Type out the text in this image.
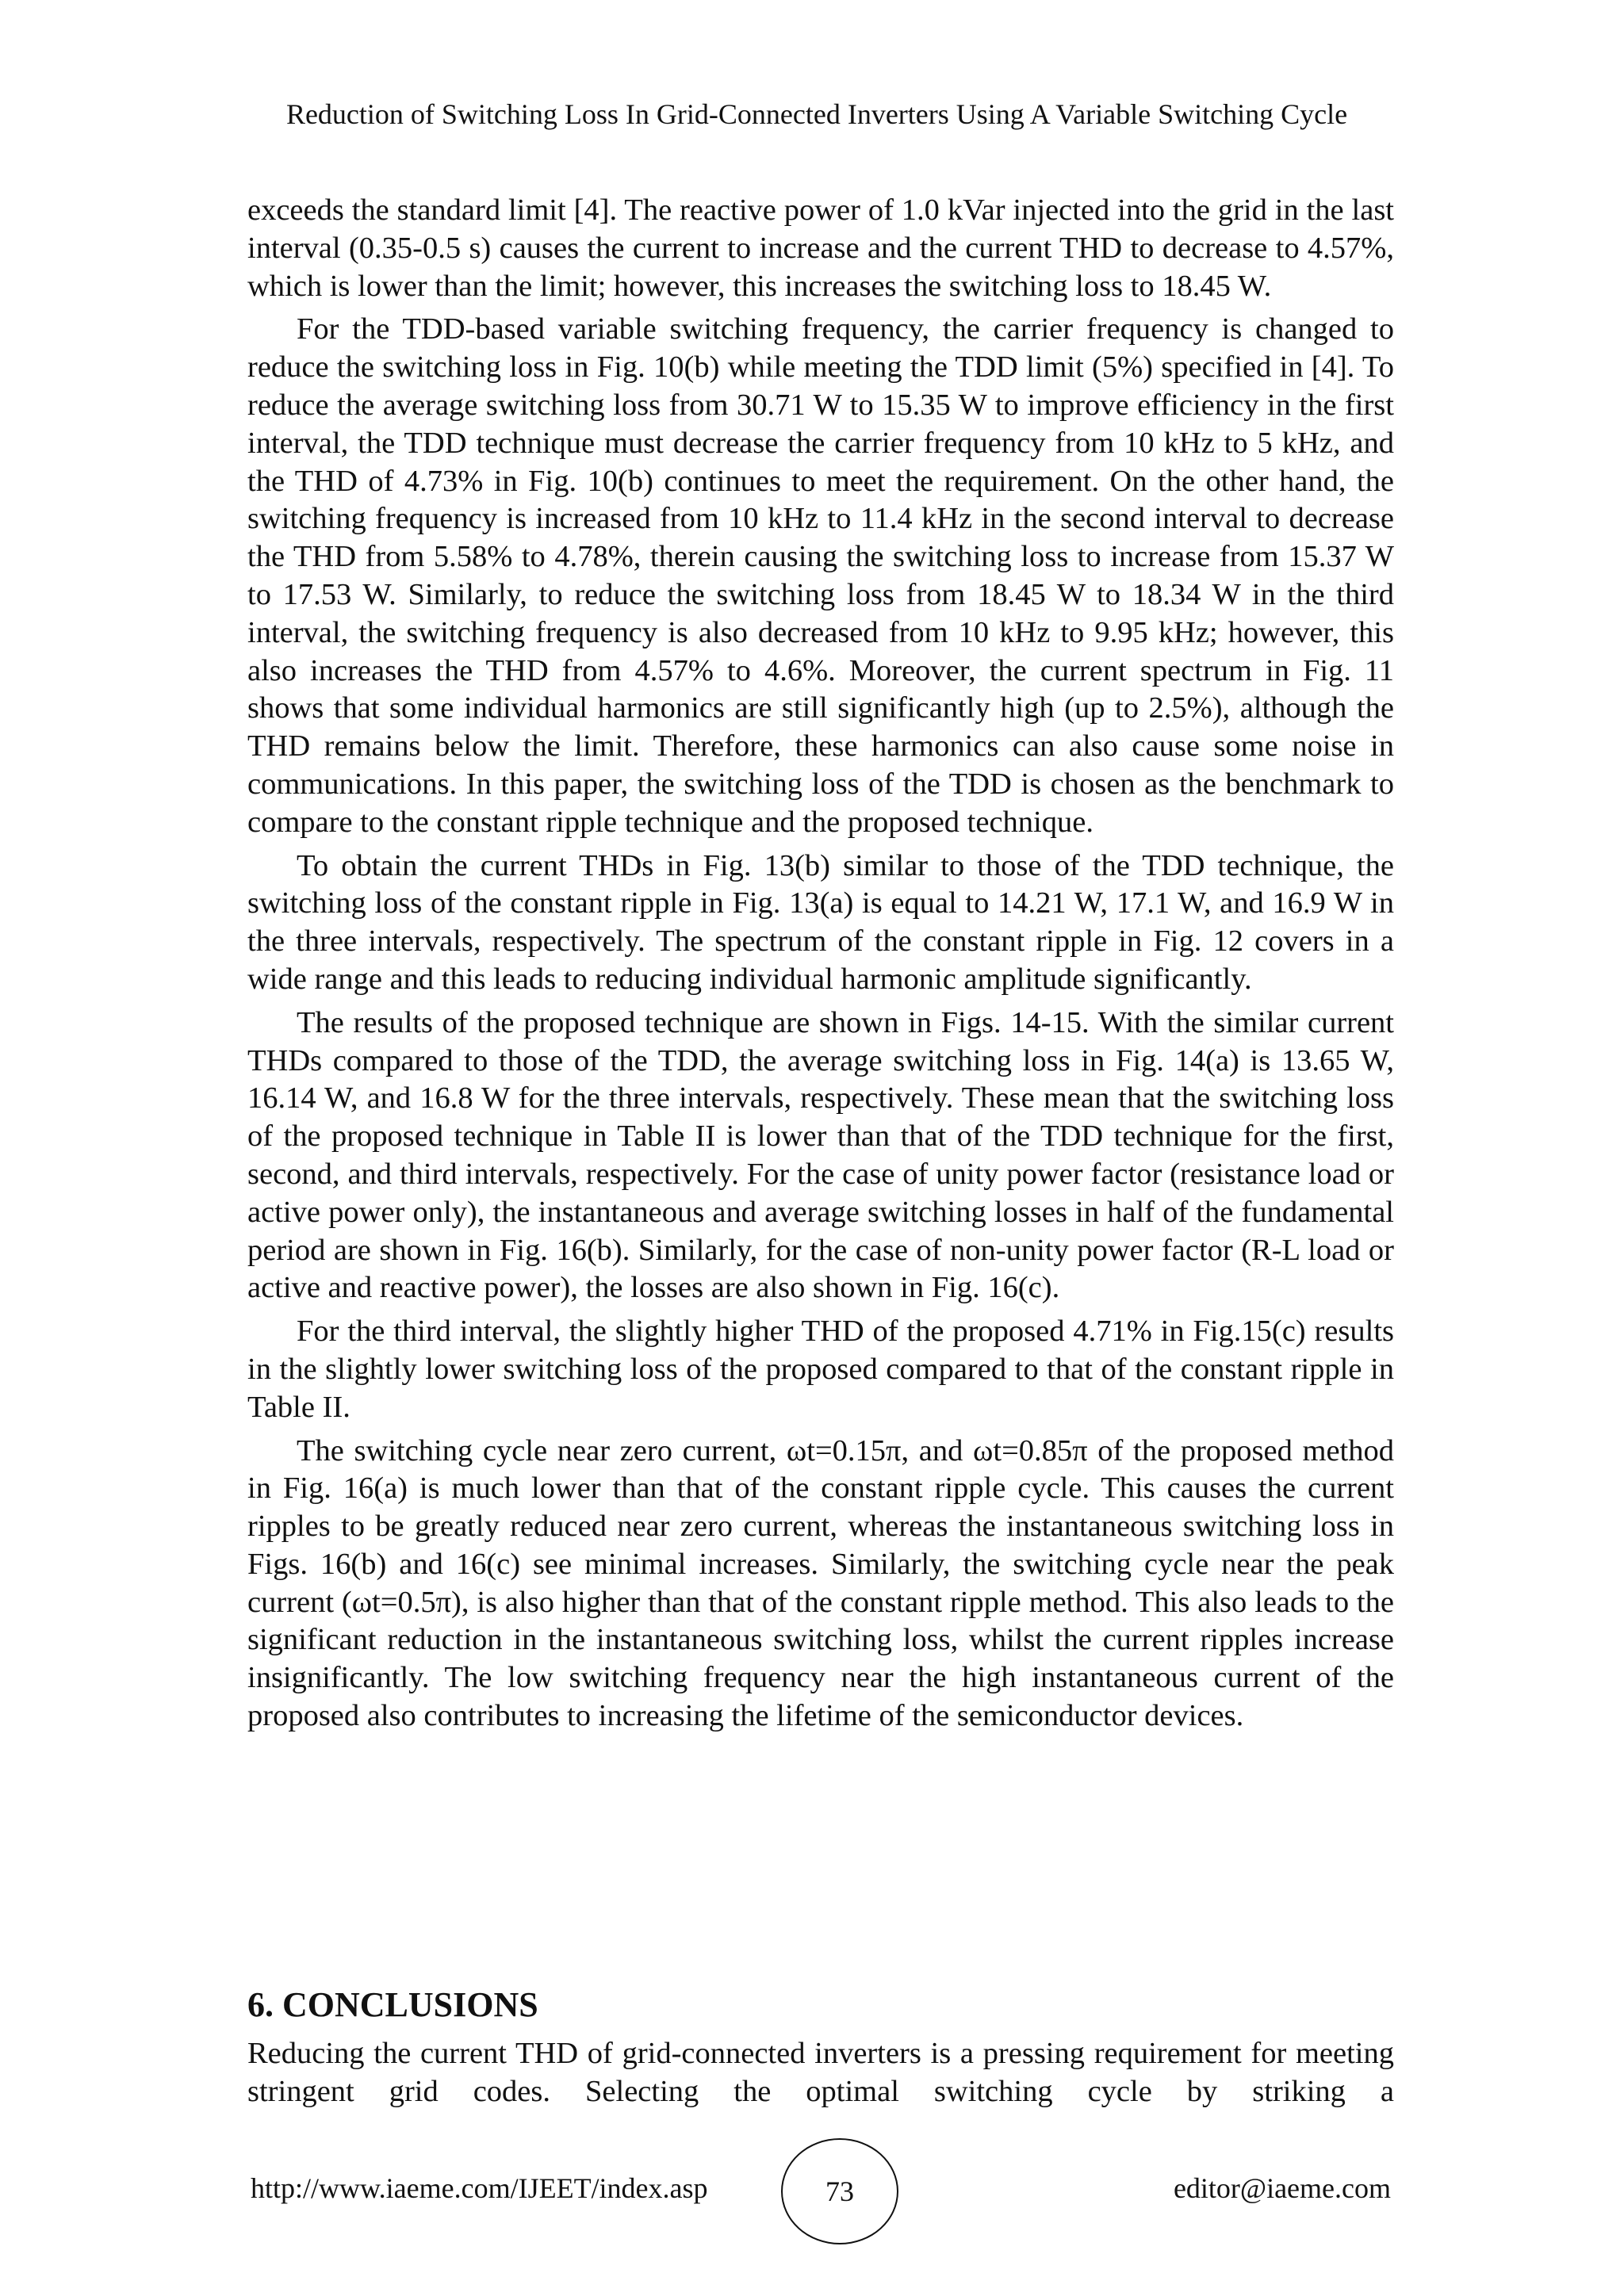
Reduction of Switching Loss In Grid-Connected Inverters Using A Variable Switching Cycle

exceeds the standard limit [4]. The reactive power of 1.0 kVar injected into the grid in the last interval (0.35-0.5 s) causes the current to increase and the current THD to decrease to 4.57%, which is lower than the limit; however, this increases the switching loss to 18.45 W.

For the TDD-based variable switching frequency, the carrier frequency is changed to reduce the switching loss in Fig. 10(b) while meeting the TDD limit (5%) specified in [4]. To reduce the average switching loss from 30.71 W to 15.35 W to improve efficiency in the first interval, the TDD technique must decrease the carrier frequency from 10 kHz to 5 kHz, and the THD of 4.73% in Fig. 10(b) continues to meet the requirement. On the other hand, the switching frequency is increased from 10 kHz to 11.4 kHz in the second interval to decrease the THD from 5.58% to 4.78%, therein causing the switching loss to increase from 15.37 W to 17.53 W. Similarly, to reduce the switching loss from 18.45 W to 18.34 W in the third interval, the switching frequency is also decreased from 10 kHz to 9.95 kHz; however, this also increases the THD from 4.57% to 4.6%. Moreover, the current spectrum in Fig. 11 shows that some individual harmonics are still significantly high (up to 2.5%), although the THD remains below the limit. Therefore, these harmonics can also cause some noise in communications. In this paper, the switching loss of the TDD is chosen as the benchmark to compare to the constant ripple technique and the proposed technique.

To obtain the current THDs in Fig. 13(b) similar to those of the TDD technique, the switching loss of the constant ripple in Fig. 13(a) is equal to 14.21 W, 17.1 W, and 16.9 W in the three intervals, respectively. The spectrum of the constant ripple in Fig. 12 covers in a wide range and this leads to reducing individual harmonic amplitude significantly.

The results of the proposed technique are shown in Figs. 14-15. With the similar current THDs compared to those of the TDD, the average switching loss in Fig. 14(a) is 13.65 W, 16.14 W, and 16.8 W for the three intervals, respectively. These mean that the switching loss of the proposed technique in Table II is lower than that of the TDD technique for the first, second, and third intervals, respectively. For the case of unity power factor (resistance load or active power only), the instantaneous and average switching losses in half of the fundamental period are shown in Fig. 16(b). Similarly, for the case of non-unity power factor (R-L load or active and reactive power), the losses are also shown in Fig. 16(c).

For the third interval, the slightly higher THD of the proposed 4.71% in Fig.15(c) results in the slightly lower switching loss of the proposed compared to that of the constant ripple in Table II.

The switching cycle near zero current, ωt=0.15π, and ωt=0.85π of the proposed method in Fig. 16(a) is much lower than that of the constant ripple cycle. This causes the current ripples to be greatly reduced near zero current, whereas the instantaneous switching loss in Figs. 16(b) and 16(c) see minimal increases. Similarly, the switching cycle near the peak current (ωt=0.5π), is also higher than that of the constant ripple method. This also leads to the significant reduction in the instantaneous switching loss, whilst the current ripples increase insignificantly. The low switching frequency near the high instantaneous current of the proposed also contributes to increasing the lifetime of the semiconductor devices.

6. CONCLUSIONS

Reducing the current THD of grid-connected inverters is a pressing requirement for meeting stringent grid codes. Selecting the optimal switching cycle by striking a

http://www.iaeme.com/IJEET/index.asp	73	editor@iaeme.com
